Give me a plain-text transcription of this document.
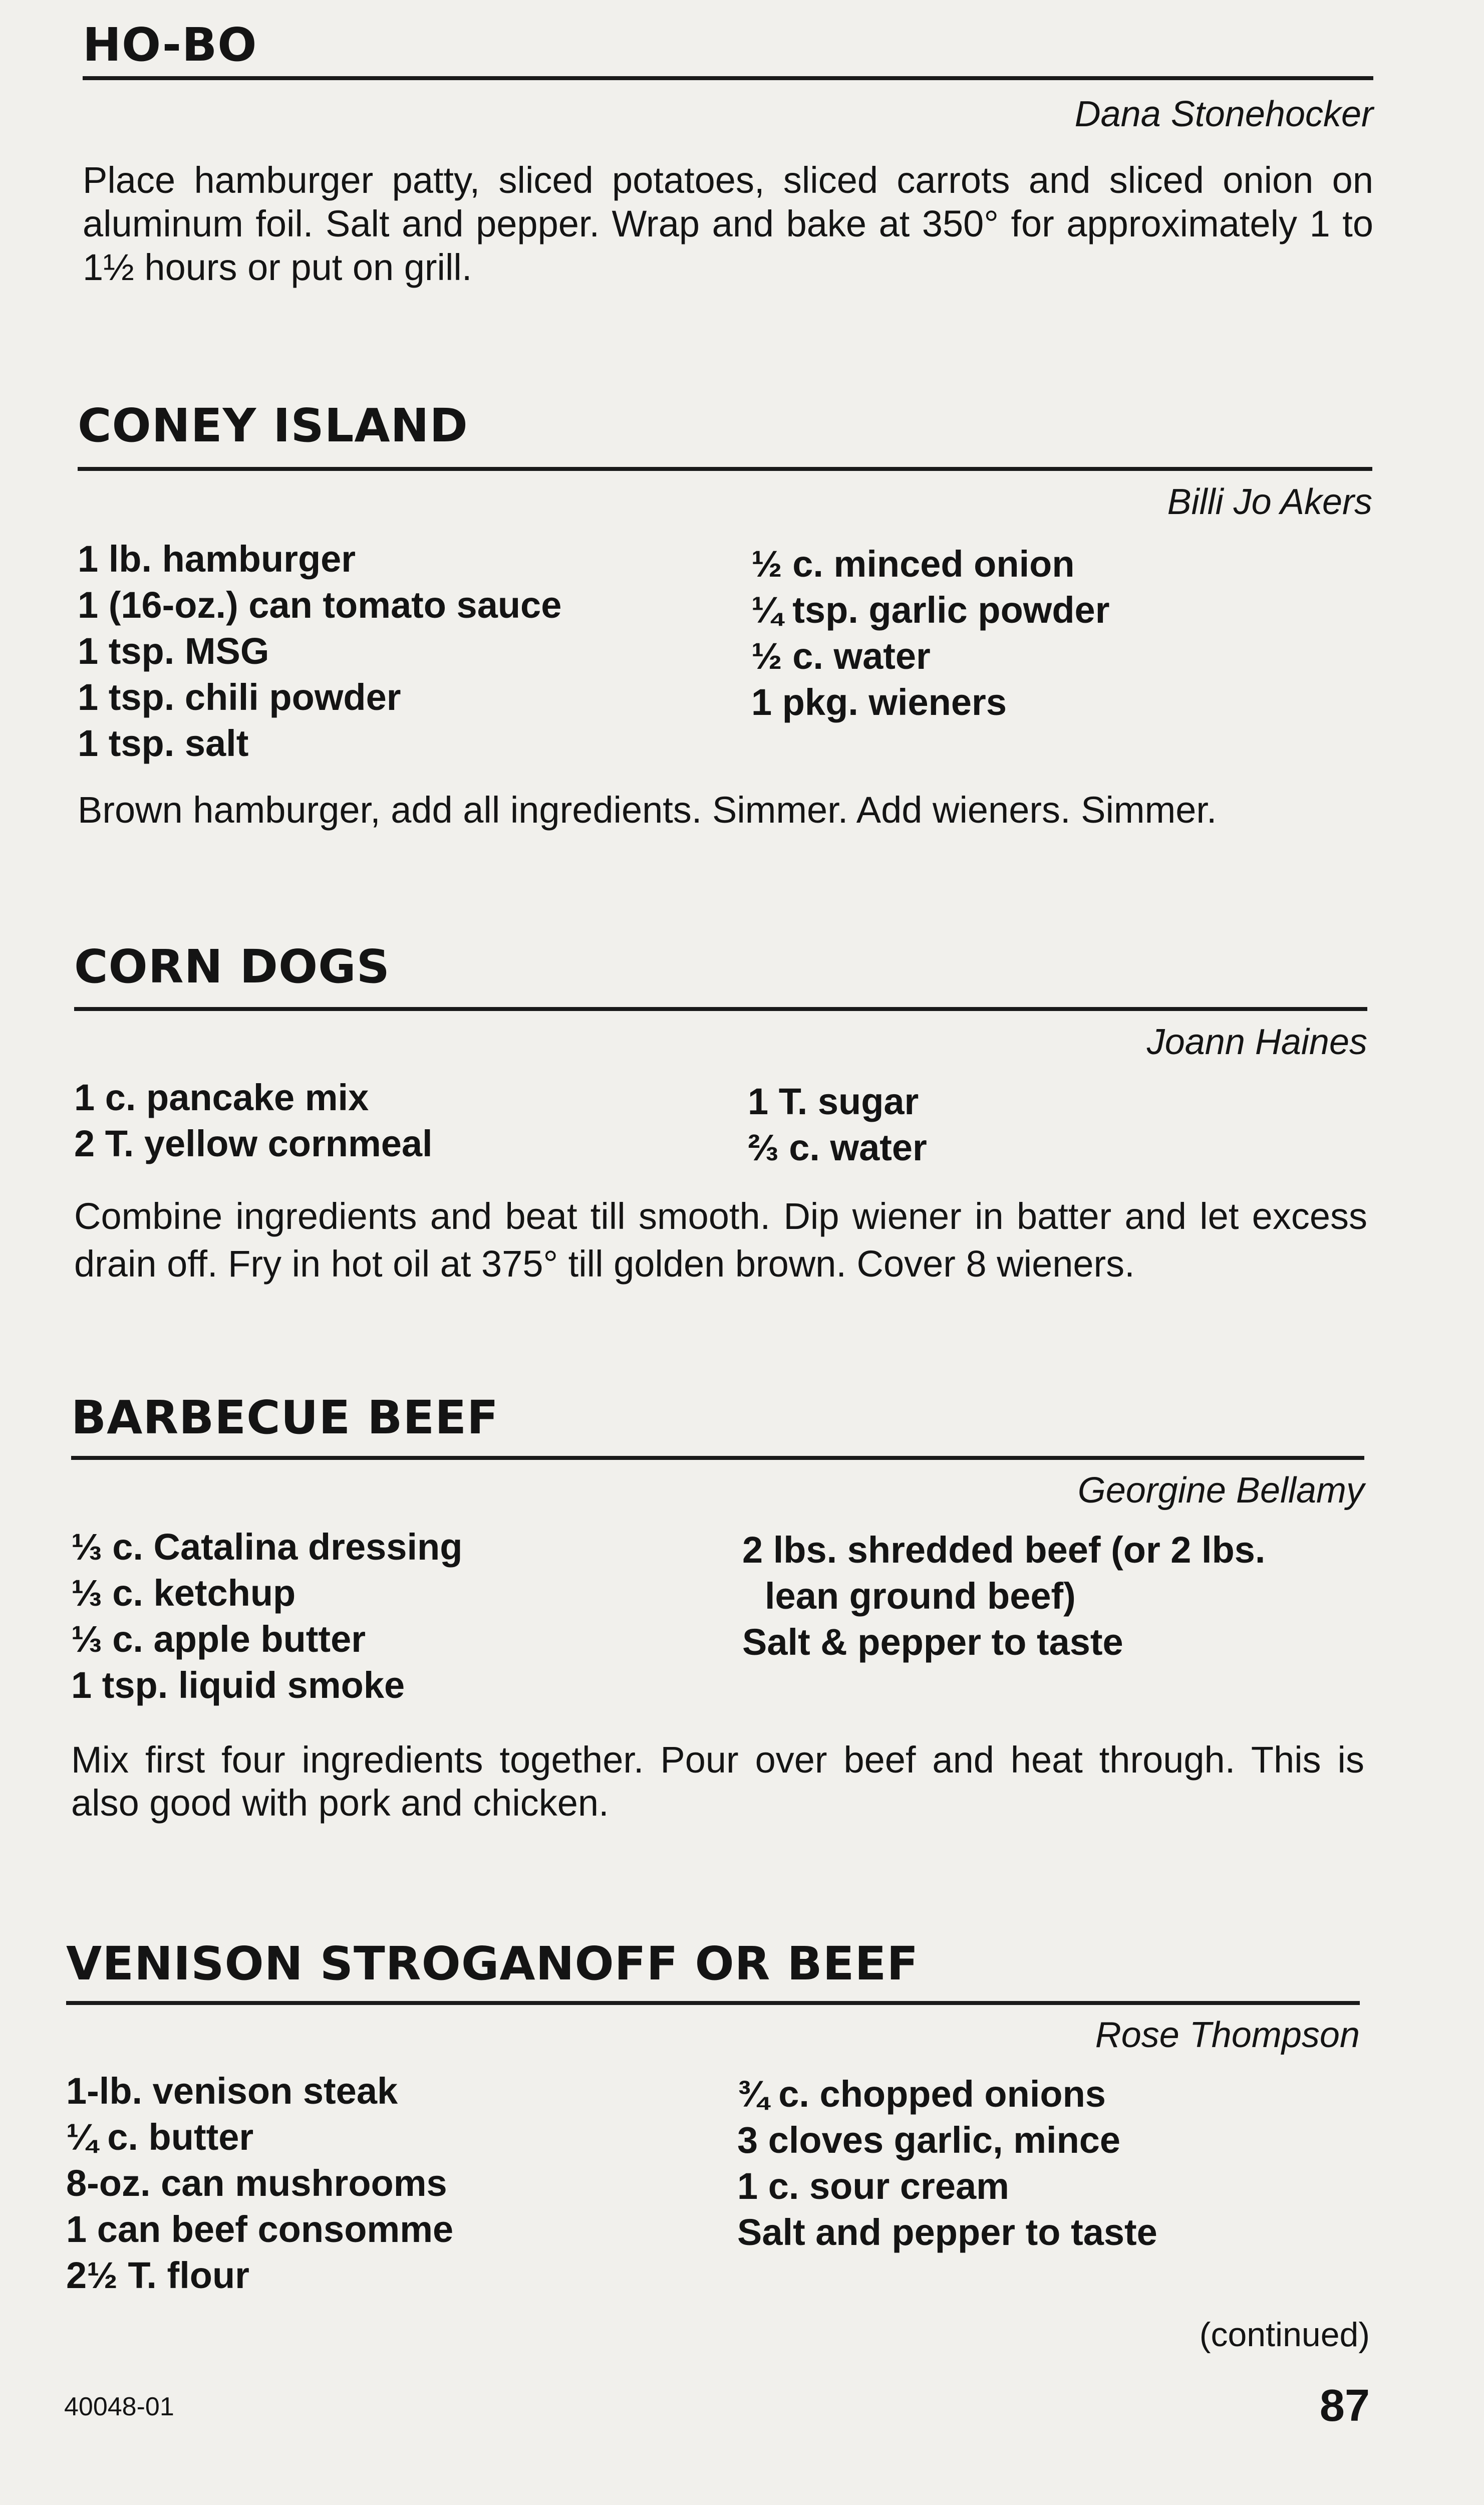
HO-BO
Dana Stonehocker
Place hamburger patty, sliced potatoes, sliced carrots and sliced onion on aluminum foil. Salt and pepper. Wrap and bake at 350° for approximately 1 to 1½ hours or put on grill.
CONEY ISLAND
Billi Jo Akers
1 lb. hamburger
1 (16-oz.) can tomato sauce
1 tsp. MSG
1 tsp. chili powder
1 tsp. salt
½ c. minced onion
¼ tsp. garlic powder
½ c. water
1 pkg. wieners
Brown hamburger, add all ingredients. Simmer. Add wieners. Simmer.
CORN DOGS
Joann Haines
1 c. pancake mix
2 T. yellow cornmeal
1 T. sugar
⅔ c. water
Combine ingredients and beat till smooth. Dip wiener in batter and let excess drain off. Fry in hot oil at 375° till golden brown. Cover 8 wieners.
BARBECUE BEEF
Georgine Bellamy
⅓ c. Catalina dressing
⅓ c. ketchup
⅓ c. apple butter
1 tsp. liquid smoke
2 lbs. shredded beef (or 2 lbs.
lean ground beef)
Salt & pepper to taste
Mix first four ingredients together. Pour over beef and heat through. This is also good with pork and chicken.
VENISON STROGANOFF OR BEEF
Rose Thompson
1-lb. venison steak
¼ c. butter
8-oz. can mushrooms
1 can beef consomme
2½ T. flour
¾ c. chopped onions
3 cloves garlic, mince
1 c. sour cream
Salt and pepper to taste
(continued)
40048-01	87
